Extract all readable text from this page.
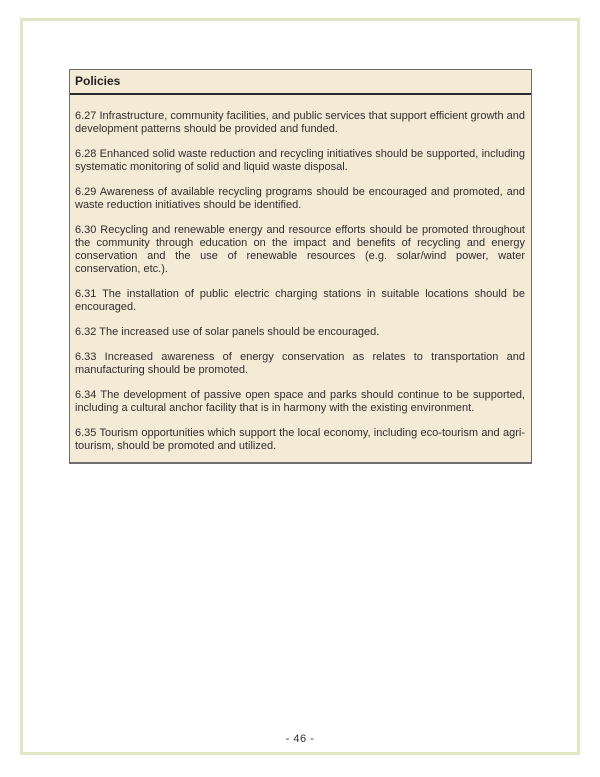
Policies

6.27 Infrastructure, community facilities, and public services that support efficient growth and development patterns should be provided and funded.

6.28 Enhanced solid waste reduction and recycling initiatives should be supported, including systematic monitoring of solid and liquid waste disposal.

6.29 Awareness of available recycling programs should be encouraged and promoted, and waste reduction initiatives should be identified.

6.30 Recycling and renewable energy and resource efforts should be promoted throughout the community through education on the impact and benefits of recycling and energy conservation and the use of renewable resources (e.g. solar/wind power, water conservation, etc.).

6.31 The installation of public electric charging stations in suitable locations should be encouraged.

6.32 The increased use of solar panels should be encouraged.

6.33 Increased awareness of energy conservation as relates to transportation and manufacturing should be promoted.

6.34 The development of passive open space and parks should continue to be supported, including a cultural anchor facility that is in harmony with the existing environment.

6.35 Tourism opportunities which support the local economy, including eco-tourism and agri-tourism, should be promoted and utilized.

- 46 -
